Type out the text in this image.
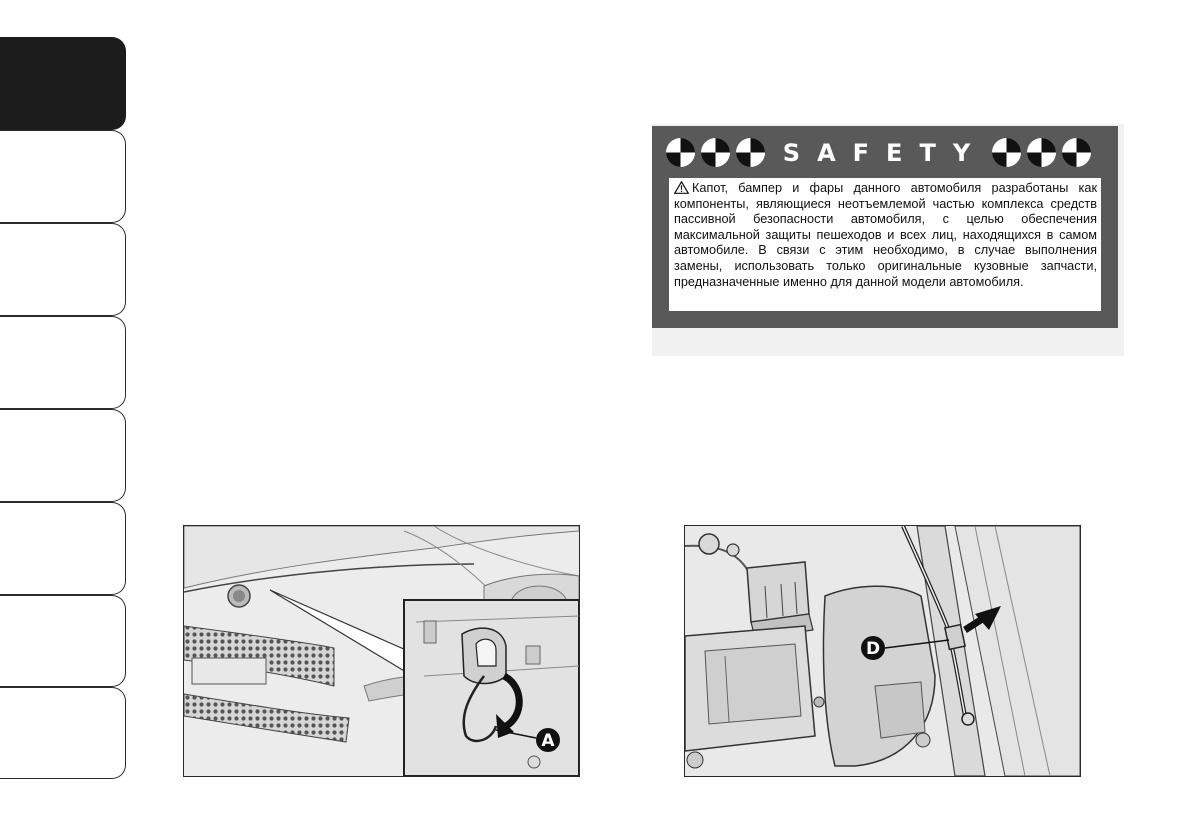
SAFETY

Капот, бампер и фары данного автомобиля разработаны как компоненты, являющиеся неотъемлемой частью комплекса средств пассивной безопасности автомобиля, с целью обеспечения максимальной защиты пешеходов и всех лиц, находящихся в самом автомобиле. В связи с этим необходимо, в случае выполнения замены, использовать только оригинальные кузовные запчасти, предназначенные именно для данной модели автомобиля.

A
D
